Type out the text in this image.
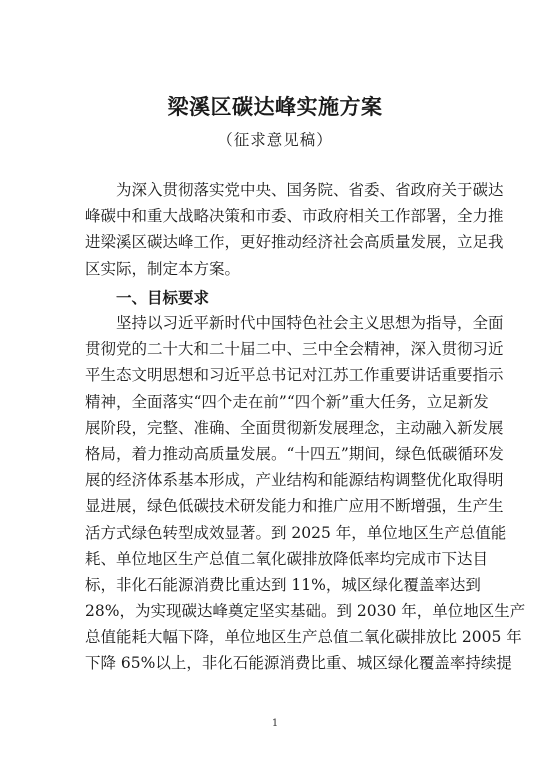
梁溪区碳达峰实施方案
（征求意见稿）
为深入贯彻落实党中央、国务院、省委、省政府关于碳达
峰碳中和重大战略决策和市委、市政府相关工作部署，全力推
进梁溪区碳达峰工作，更好推动经济社会高质量发展，立足我
区实际，制定本方案。
一、目标要求
坚持以习近平新时代中国特色社会主义思想为指导，全面
贯彻党的二十大和二十届二中、三中全会精神，深入贯彻习近
平生态文明思想和习近平总书记对江苏工作重要讲话重要指示
精神，全面落实“四个走在前”“四个新”重大任务，立足新发
展阶段，完整、准确、全面贯彻新发展理念，主动融入新发展
格局，着力推动高质量发展。“十四五”期间，绿色低碳循环发
展的经济体系基本形成，产业结构和能源结构调整优化取得明
显进展，绿色低碳技术研发能力和推广应用不断增强，生产生
活方式绿色转型成效显著。到 2025 年，单位地区生产总值能
耗、单位地区生产总值二氧化碳排放降低率均完成市下达目
标，非化石能源消费比重达到 11%，城区绿化覆盖率达到
28%，为实现碳达峰奠定坚实基础。到 2030 年，单位地区生产
总值能耗大幅下降，单位地区生产总值二氧化碳排放比 2005 年
下降 65%以上，非化石能源消费比重、城区绿化覆盖率持续提
1
